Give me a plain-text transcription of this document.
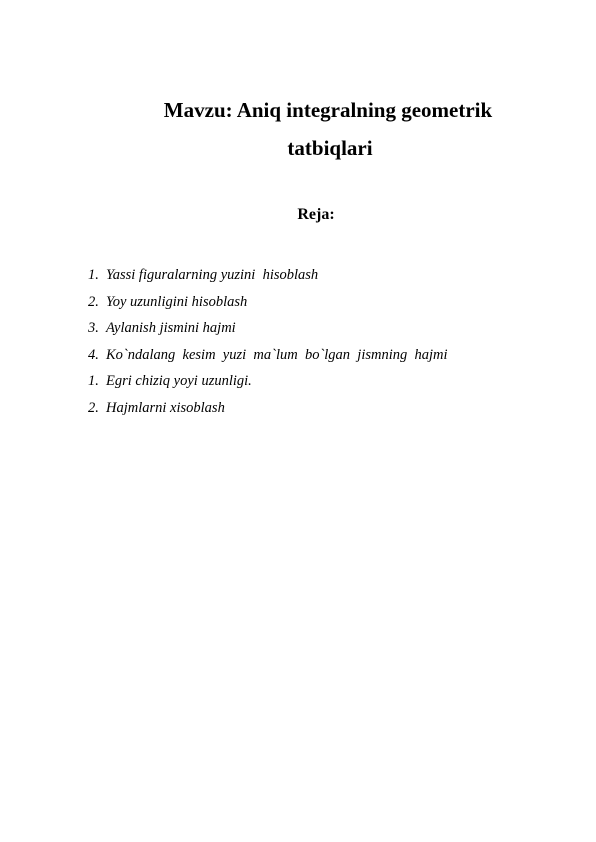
Mavzu: Aniq integralning geometrik
tatbiqlari
Reja:
1. Yassi figuralarning yuzini  hisoblash
2. Yoy uzunligini hisoblash
3. Aylanish jismini hajmi
4. Ko`ndalang  kesim  yuzi  ma`lum  bo`lgan  jismning  hajmi
1. Egri chiziq yoyi uzunligi.
2. Hajmlarni xisoblash
